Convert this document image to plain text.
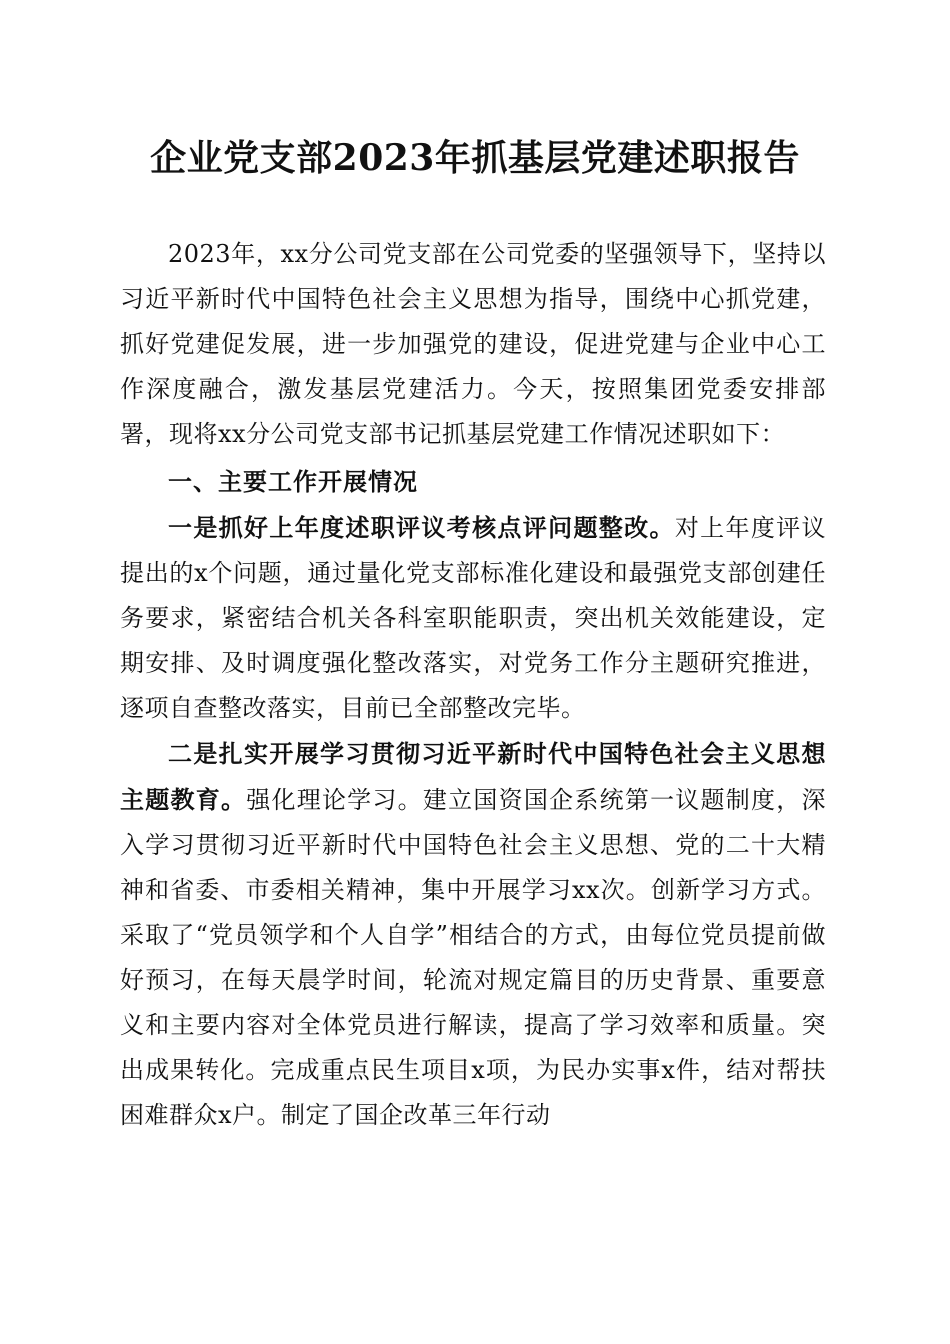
企业党支部2023年抓基层党建述职报告

2023年，xx分公司党支部在公司党委的坚强领导下，坚持以习近平新时代中国特色社会主义思想为指导，围绕中心抓党建，抓好党建促发展，进一步加强党的建设，促进党建与企业中心工作深度融合，激发基层党建活力。今天，按照集团党委安排部署，现将xx分公司党支部书记抓基层党建工作情况述职如下：

一、主要工作开展情况

一是抓好上年度述职评议考核点评问题整改。对上年度评议提出的x个问题，通过量化党支部标准化建设和最强党支部创建任务要求，紧密结合机关各科室职能职责，突出机关效能建设，定期安排、及时调度强化整改落实，对党务工作分主题研究推进，逐项自查整改落实，目前已全部整改完毕。

二是扎实开展学习贯彻习近平新时代中国特色社会主义思想主题教育。强化理论学习。建立国资国企系统第一议题制度，深入学习贯彻习近平新时代中国特色社会主义思想、党的二十大精神和省委、市委相关精神，集中开展学习xx次。创新学习方式。采取了“党员领学和个人自学”相结合的方式，由每位党员提前做好预习，在每天晨学时间，轮流对规定篇目的历史背景、重要意义和主要内容对全体党员进行解读，提高了学习效率和质量。突出成果转化。完成重点民生项目x项，为民办实事x件，结对帮扶困难群众x户。制定了国企改革三年行动
